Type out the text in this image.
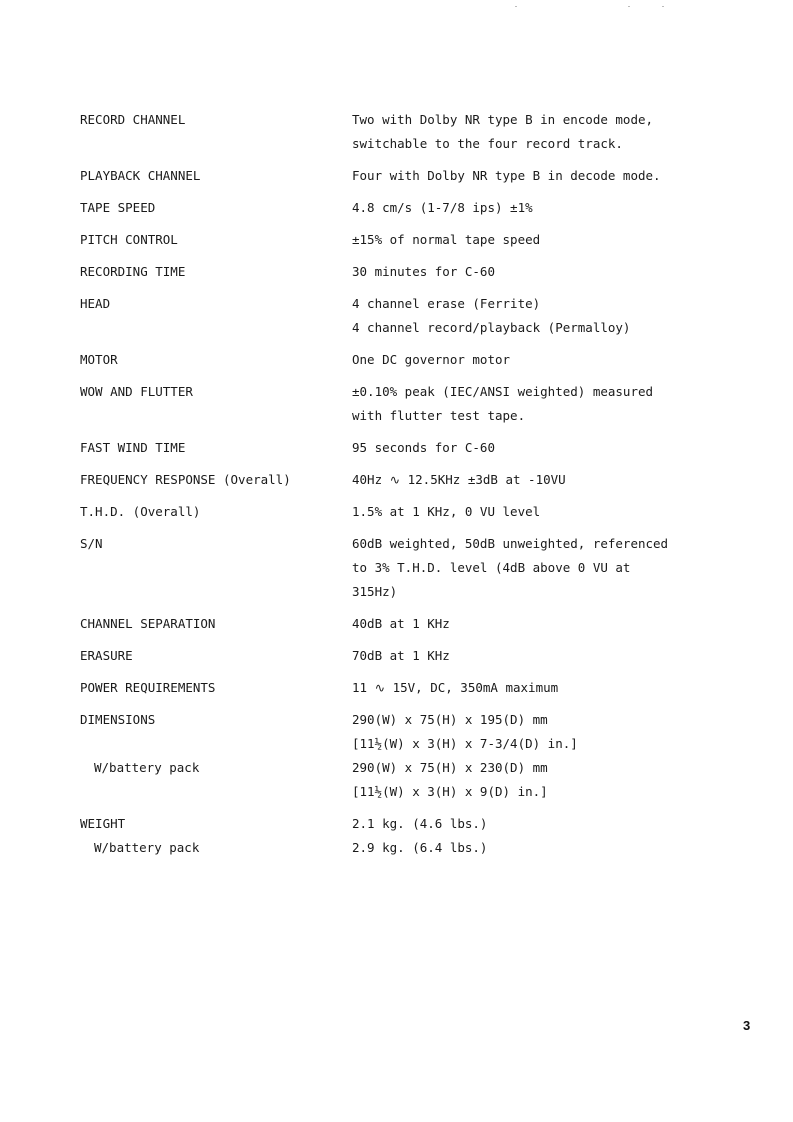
RECORD CHANNEL	Two with Dolby NR type B in encode mode,
switchable to the four record track.
PLAYBACK CHANNEL	Four with Dolby NR type B in decode mode.
TAPE SPEED	4.8 cm/s (1-7/8 ips) ±1%
PITCH CONTROL	±15% of normal tape speed
RECORDING TIME	30 minutes for C-60
HEAD	4 channel erase (Ferrite)
4 channel record/playback (Permalloy)
MOTOR	One DC governor motor
WOW AND FLUTTER	±0.10% peak (IEC/ANSI weighted) measured
with flutter test tape.
FAST WIND TIME	95 seconds for C-60
FREQUENCY RESPONSE (Overall)	40Hz ∿ 12.5KHz ±3dB at -10VU
T.H.D. (Overall)	1.5% at 1 KHz, 0 VU level
S/N	60dB weighted, 50dB unweighted, referenced
to 3% T.H.D. level (4dB above 0 VU at
315Hz)
CHANNEL SEPARATION	40dB at 1 KHz
ERASURE	70dB at 1 KHz
POWER REQUIREMENTS	11 ∿ 15V, DC, 350mA maximum
DIMENSIONS	290(W) x 75(H) x 195(D) mm
[11½(W) x 3(H) x 7-3/4(D) in.]
W/battery pack	290(W) x 75(H) x 230(D) mm
[11½(W) x 3(H) x 9(D) in.]
WEIGHT	2.1 kg. (4.6 lbs.)
W/battery pack	2.9 kg. (6.4 lbs.)
3
